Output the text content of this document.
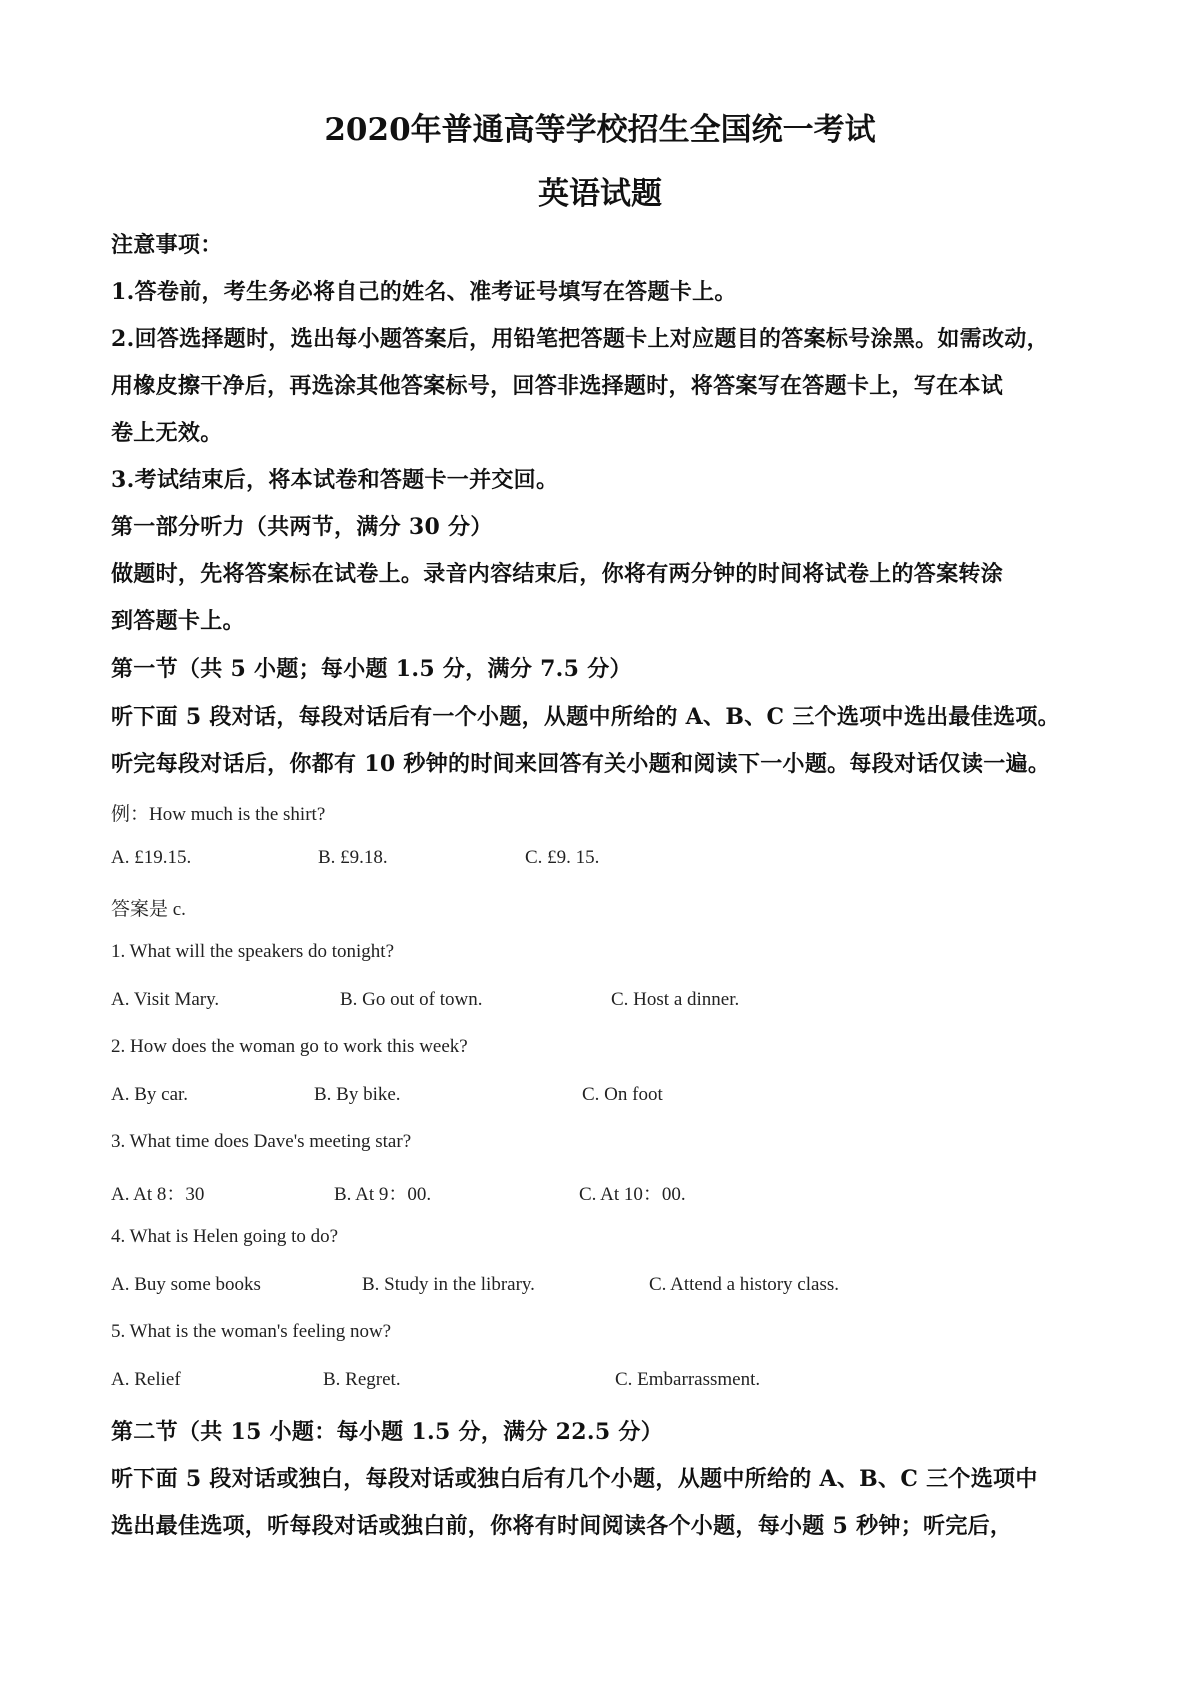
2020年普通高等学校招生全国统一考试
英语试题

注意事项：

1.答卷前，考生务必将自己的姓名、准考证号填写在答题卡上。

2.回答选择题时，选出每小题答案后，用铅笔把答题卡上对应题目的答案标号涂黑。如需改动，

用橡皮擦干净后，再选涂其他答案标号，回答非选择题时，将答案写在答题卡上，写在本试

卷上无效。

3.考试结束后，将本试卷和答题卡一并交回。

第一部分听力（共两节，满分 30 分）

做题时，先将答案标在试卷上。录音内容结束后，你将有两分钟的时间将试卷上的答案转涂

到答题卡上。

第一节（共 5 小题；每小题 1.5 分，满分 7.5 分）

听下面 5 段对话，每段对话后有一个小题，从题中所给的 A、B、C 三个选项中选出最佳选项。

听完每段对话后，你都有 10 秒钟的时间来回答有关小题和阅读下一小题。每段对话仅读一遍。

例：How much is the shirt?

A. £19.15.	B. £9.18.	C. £9. 15.

答案是 c.

1. What will the speakers do tonight?

A. Visit Mary.	B. Go out of town.	C. Host a dinner.

2. How does the woman go to work this week?

A. By car.	B. By bike.	C. On foot

3. What time does Dave's meeting star?

A. At 8：30	B. At 9：00.	C. At 10：00.

4. What is Helen going to do?

A. Buy some books	B. Study in the library.	C. Attend a history class.

5. What is the woman's feeling now?

A. Relief	B. Regret.	C. Embarrassment.

第二节（共 15 小题：每小题 1.5 分，满分 22.5 分）

听下面 5 段对话或独白，每段对话或独白后有几个小题，从题中所给的 A、B、C 三个选项中

选出最佳选项，听每段对话或独白前，你将有时间阅读各个小题，每小题 5 秒钟；听完后，
